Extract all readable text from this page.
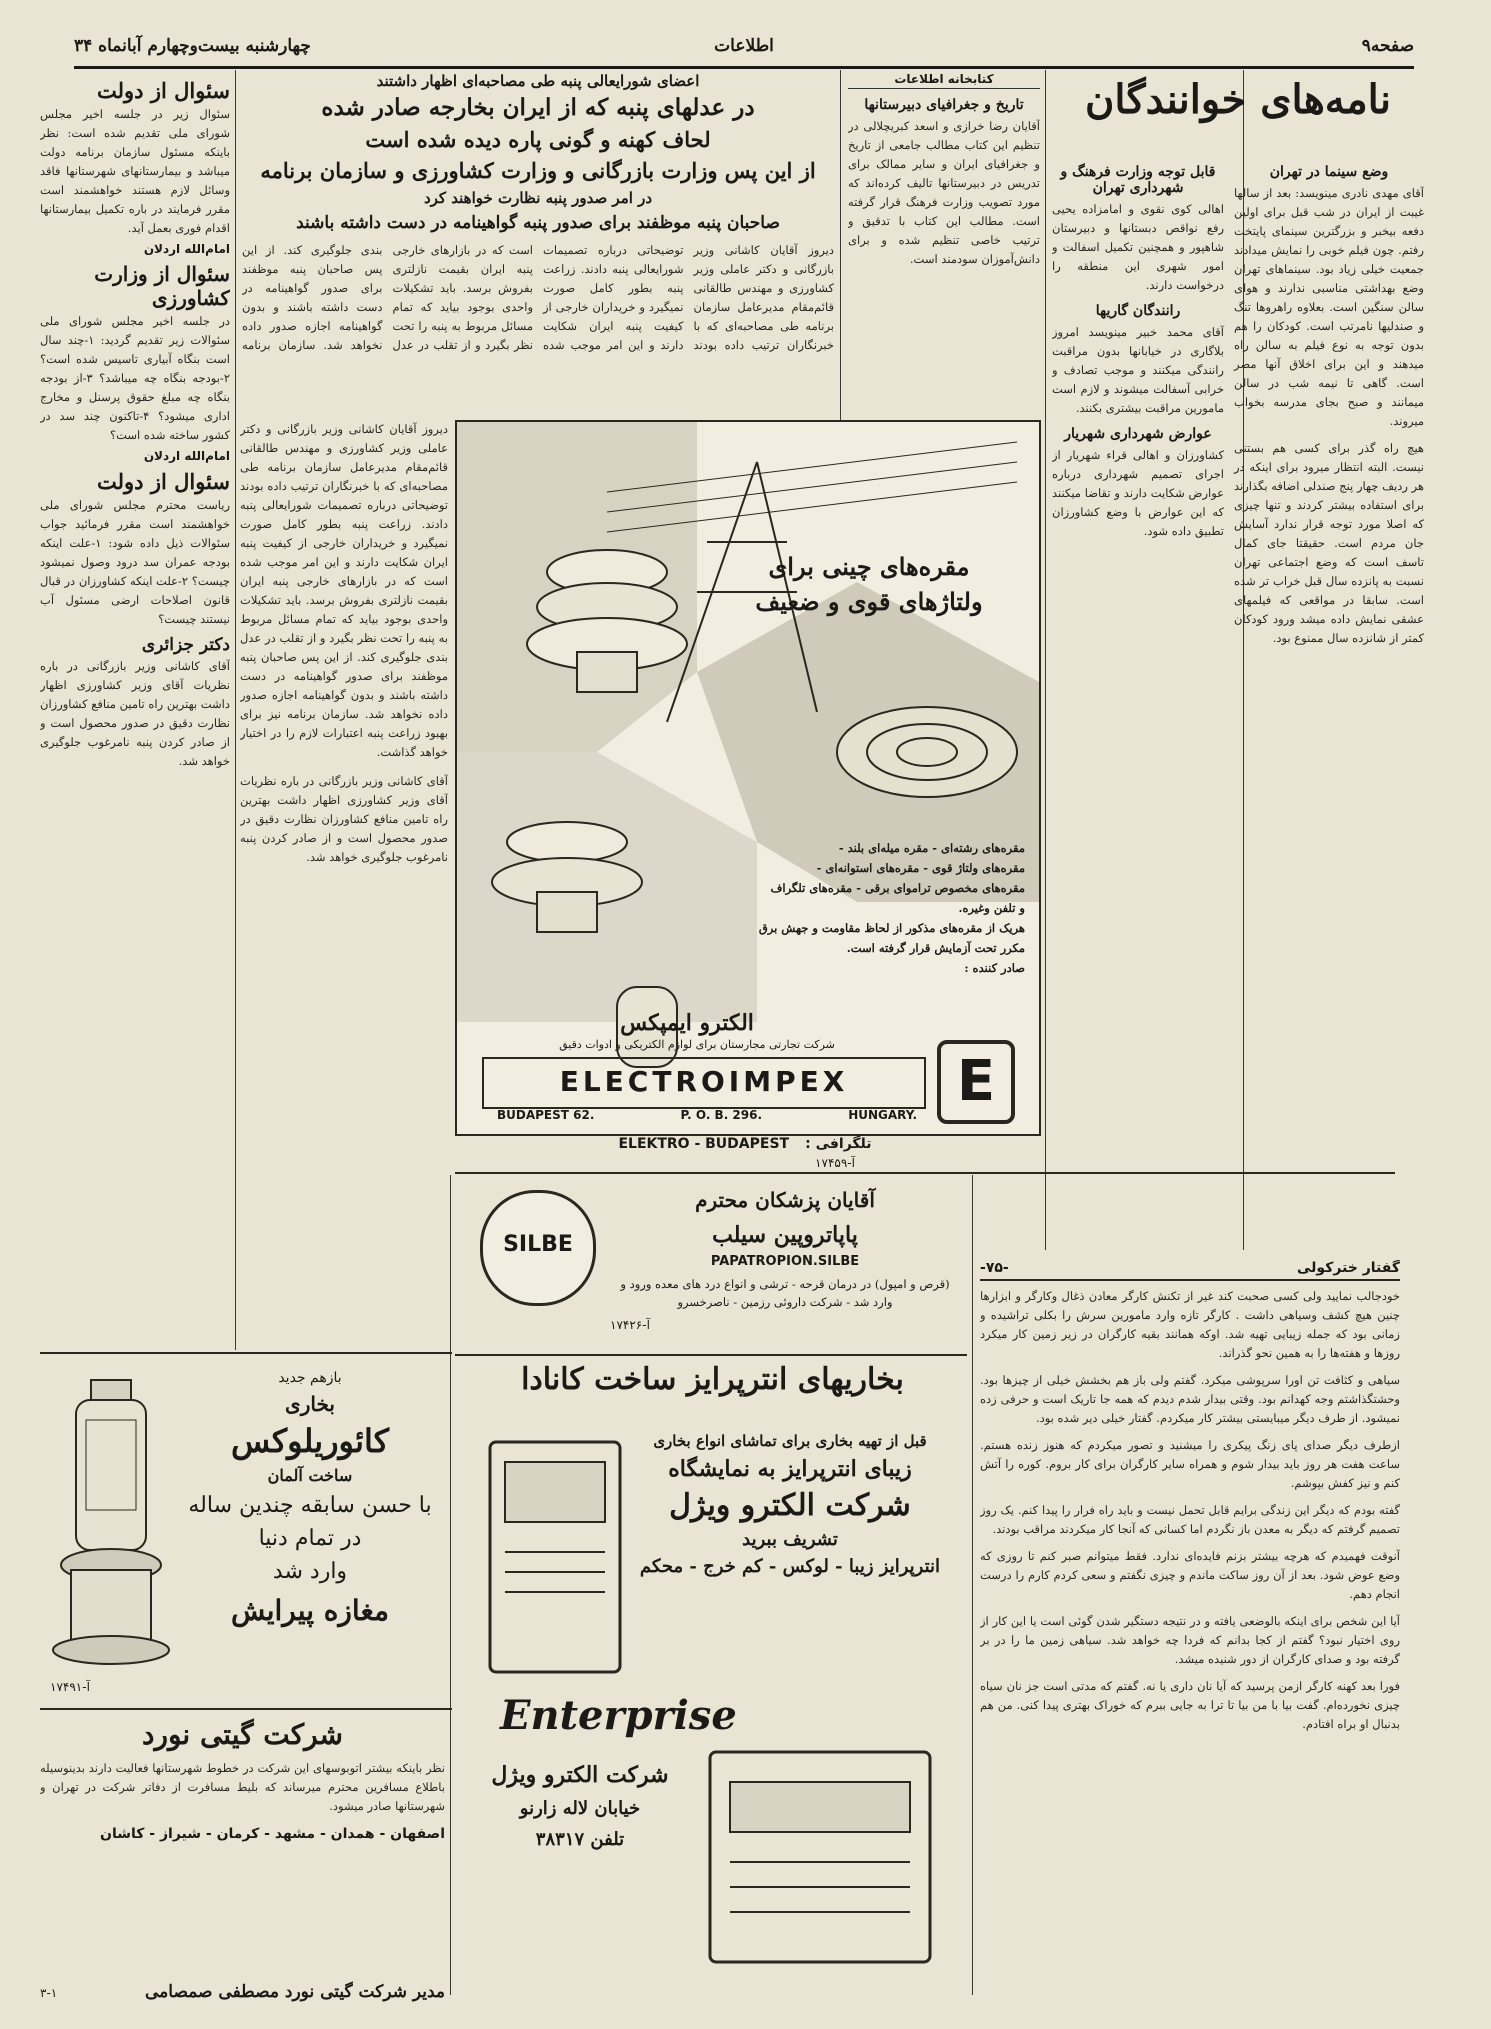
صفحه۹
اطلاعات
چهارشنبه بیست‌وچهارم آبانماه ۳۴
نامه‌های خوانندگان
وضع سینما در تهران
آقای مهدی نادری مینویسد: بعد از سالها غیبت از ایران در شب قبل برای اولین دفعه بیخبر و بزرگترین سینمای پایتخت رفتم. چون فیلم خوبی را نمایش میدادند جمعیت خیلی زیاد بود. سینماهای تهران وضع بهداشتی مناسبی ندارند و هوای سالن سنگین است. بعلاوه راهروها تنگ و صندلیها نامرتب است. کودکان را هم بدون توجه به نوع فیلم به سالن راه میدهند و این برای اخلاق آنها مضر است. گاهی تا نیمه شب در سالن میمانند و صبح بجای مدرسه بخواب میروند.
هیچ راه گذر برای کسی هم بستنی نیست. البته انتظار میرود برای اینکه در هر ردیف چهار پنج صندلی اضافه بگذارند برای استفاده بیشتر کردند و تنها چیزی که اصلا مورد توجه قرار ندارد آسایش جان مردم است. حقیقتا جای کمال تاسف است که وضع اجتماعی تهران نسبت به پانزده سال قبل خراب تر شده است. سابقا در مواقعی که فیلمهای عشقی نمایش داده میشد ورود کودکان کمتر از شانزده سال ممنوع بود.
قابل توجه وزارت فرهنگ و شهرداری تهران
اهالی کوی نقوی و امامزاده یحیی رفع نواقص دبستانها و دبیرستان شاهپور و همچنین تکمیل اسفالت و امور شهری این منطقه را درخواست دارند.
رانندگان گاریها
آقای محمد خبیر مینویسد امروز بلاگاری در خیابانها بدون مراقبت رانندگی میکنند و موجب تصادف و خرابی آسفالت میشوند و لازم است مامورین مراقبت بیشتری بکنند.
عوارض شهرداری شهریار
کشاورزان و اهالی قراء شهریار از اجرای تصمیم شهرداری درباره عوارض شکایت دارند و تقاضا میکنند که این عوارض با وضع کشاورزان تطبیق داده شود.
کتابخانه اطلاعات
تاریخ و جغرافیای دبیرستانها
آقایان رضا خرازی و اسعد کبریچلالی در تنظیم این کتاب مطالب جامعی از تاریخ و جغرافیای ایران و سایر ممالک برای تدریس در دبیرستانها تالیف کرده‌اند که مورد تصویب وزارت فرهنگ قرار گرفته است. مطالب این کتاب با تدقیق و ترتیب خاصی تنظیم شده و برای دانش‌آموزان سودمند است.
اعضای شورایعالی پنبه طی مصاحبه‌ای اظهار داشتند
در عدلهای پنبه که از ایران بخارجه صادر شده
لحاف کهنه و گونی پاره دیده شده است
از این پس وزارت بازرگانی و وزارت کشاورزی و سازمان برنامه
در امر صدور پنبه نظارت خواهند کرد
صاحبان پنبه موظفند برای صدور پنبه گواهینامه در دست داشته باشند
دیروز آقایان کاشانی وزیر بازرگانی و دکتر عاملی وزیر کشاورزی و مهندس طالقانی قائم‌مقام مدیرعامل سازمان برنامه طی مصاحبه‌ای که با خبرنگاران ترتیب داده بودند توضیحاتی درباره تصمیمات شورایعالی پنبه دادند. زراعت پنبه بطور کامل صورت نمیگیرد و خریداران خارجی از کیفیت پنبه ایران شکایت دارند و این امر موجب شده است که در بازارهای خارجی پنبه ایران بقیمت نازلتری بفروش برسد. باید تشکیلات واحدی بوجود بیاید که تمام مسائل مربوط به پنبه را تحت نظر بگیرد و از تقلب در عدل بندی جلوگیری کند. از این پس صاحبان پنبه موظفند برای صدور گواهینامه در دست داشته باشند و بدون گواهینامه اجازه صدور داده نخواهد شد. سازمان برنامه
مقره‌های چینی برای
ولتاژهای قوی و ضعیف
مقره‌های رشته‌ای - مقره میله‌ای بلند -
مقره‌های ولتاژ قوی - مقره‌های استوانه‌ای -
مقره‌های مخصوص تراموای برقی - مقره‌های تلگراف
و تلفن وغیره.
هریک از مقره‌های مذکور از لحاظ مقاومت و جهش برق
مکرر تحت آزمایش قرار گرفته است.
صادر کننده :
الکترو ایمپکس
شرکت تجارتی مجارستان برای لوازم الکتریکی و ادوات دقیق
ELECTROIMPEX	E
BUDAPEST 62.	P. O. B. 296.	HUNGARY.
ELEKTRO - BUDAPEST تلگرافی :
آ-۱۷۴۵۹
دیروز آقایان کاشانی وزیر بازرگانی و دکتر عاملی وزیر کشاورزی و مهندس طالقانی قائم‌مقام مدیرعامل سازمان برنامه طی مصاحبه‌ای که با خبرنگاران ترتیب داده بودند توضیحاتی درباره تصمیمات شورایعالی پنبه دادند. زراعت پنبه بطور کامل صورت نمیگیرد و خریداران خارجی از کیفیت پنبه ایران شکایت دارند و این امر موجب شده است که در بازارهای خارجی پنبه ایران بقیمت نازلتری بفروش برسد. باید تشکیلات واحدی بوجود بیاید که تمام مسائل مربوط به پنبه را تحت نظر بگیرد و از تقلب در عدل بندی جلوگیری کند. از این پس صاحبان پنبه موظفند برای صدور گواهینامه در دست داشته باشند و بدون گواهینامه اجازه صدور داده نخواهد شد. سازمان برنامه نیز برای بهبود زراعت پنبه اعتبارات لازم را در اختیار خواهد گذاشت.
آقای کاشانی وزیر بازرگانی در باره نظریات آقای وزیر کشاورزی اظهار داشت بهترین راه تامین منافع کشاورزان نظارت دقیق در صدور محصول است و از صادر کردن پنبه نامرغوب جلوگیری خواهد شد.
سئوال از دولت
سئوال زیر در جلسه اخیر مجلس شورای ملی تقدیم شده است: نظر باینکه مسئول سازمان برنامه دولت میباشد و بیمارستانهای شهرستانها فاقد وسائل لازم هستند خواهشمند است مقرر فرمایند در باره تکمیل بیمارستانها اقدام فوری بعمل آید.
امام‌الله اردلان
سئوال از وزارت کشاورزی
در جلسه اخیر مجلس شورای ملی سئوالات زیر تقدیم گردید: ۱-چند سال است بنگاه آبیاری تاسیس شده است؟ ۲-بودجه بنگاه چه میباشد؟ ۳-از بودجه بنگاه چه مبلغ حقوق پرسنل و مخارج اداری میشود؟ ۴-تاکنون چند سد در کشور ساخته شده است؟
امام‌الله اردلان
سئوال از دولت
ریاست محترم مجلس شورای ملی خواهشمند است مقرر فرمائید جواب سئوالات ذیل داده شود: ۱-علت اینکه بودجه عمران سد درود وصول نمیشود چیست؟ ۲-علت اینکه کشاورزان در قبال قانون اصلاحات ارضی مسئول آب نیستند چیست؟
دکتر جزائری
آقای کاشانی وزیر بازرگانی در باره نظریات آقای وزیر کشاورزی اظهار داشت بهترین راه تامین منافع کشاورزان نظارت دقیق در صدور محصول است و از صادر کردن پنبه نامرغوب جلوگیری خواهد شد.
بازهم جدید
بخاری
کائوریلوکس
ساخت آلمان
با حسن سابقه چندین ساله
در تمام دنیا
وارد شد
مغازه پیرایش
آ-۱۷۴۹۱
شرکت گیتی نورد
نظر باینکه بیشتر اتوبوسهای این شرکت در خطوط شهرستانها فعالیت دارند بدینوسیله باطلاع مسافرین محترم میرساند که بلیط مسافرت از دفاتر شرکت در تهران و شهرستانها صادر میشود.
اصفهان - همدان - مشهد - کرمان - شیراز - کاشان
مدیر شرکت گیتی نورد مصطفی صمصامی
۳-۱
SILBE
آقایان پزشکان محترم
پاپاتروپین سیلب
PAPATROPION.SILBE
(قرص و امپول) در درمان قرحه - ترشی و انواع درد های معده ورود و وارد شد - شرکت داروئی رزمین - ناصرخسرو
آ-۱۷۴۲۶
بخاریهای انترپرایز ساخت کانادا
قبل از تهیه بخاری برای تماشای انواع بخاری
زیبای انترپرایز به نمایشگاه
شرکت الکترو ویژل
تشریف ببرید
انترپرایز زیبا - لوکس - کم خرج - محکم
Enterprise
شرکت الکترو ویژل
خیابان لاله زارنو
تلفن ۳۸۳۱۷
گفتار خترکولی
-۷۵-
خودجالب نمایید ولی کسی صحبت کند غیر از تکنش کارگر معادن ذغال وکارگر و ابزارها چنین هیچ کشف وسیاهی داشت . کارگر تازه وارد مامورین سرش را بکلی تراشیده و زمانی بود که جمله زیبایی تهیه شد. اوکه همانند بقیه کارگران در زیر زمین کار میکرد روزها و هفته‌ها را به همین نحو گذراند.
سیاهی و کثافت تن اورا سرپوشی میکرد. گفتم ولی باز هم بخشش خیلی از چیزها بود. وحشتگذاشتم وجه کهدانم بود. وقتی بیدار شدم دیدم که همه جا تاریک است و حرفی زده نمیشود. از طرف دیگر میبایستی بیشتر کار میکردم. گفتار خیلی دیر شده بود.
ازطرف دیگر صدای پای زنگ پیکری را میشنید و تصور میکردم که هنوز زنده هستم. ساعت هفت هر روز باید بیدار شوم و همراه سایر کارگران برای کار بروم. کوره را آتش کنم و نیز کفش بپوشم.
گفته بودم که دیگر این زندگی برایم قابل تحمل نیست و باید راه فرار را پیدا کنم. یک روز تصمیم گرفتم که دیگر به معدن باز نگردم اما کسانی که آنجا کار میکردند مراقب بودند.
آنوقت فهمیدم که هرچه بیشتر بزنم فایده‌ای ندارد. فقط میتوانم صبر کنم تا روزی که وضع عوض شود. بعد از آن روز ساکت ماندم و چیزی نگفتم و سعی کردم کارم را درست انجام دهم.
آیا این شخص برای اینکه بالوضعی یافته و در نتیجه دستگیر شدن گوئی است یا این کار از روی اختیار نبود؟ گفتم از کجا بدانم که فردا چه خواهد شد. سیاهی زمین ما را در بر گرفته بود و صدای کارگران از دور شنیده میشد.
فورا بعد کهنه کارگر ازمن پرسید که آیا نان داری یا نه. گفتم که مدتی است جز نان سیاه چیزی نخورده‌ام. گفت بیا با من بیا تا ترا به جایی ببرم که خوراک بهتری پیدا کنی. من هم بدنبال او براه افتادم.
